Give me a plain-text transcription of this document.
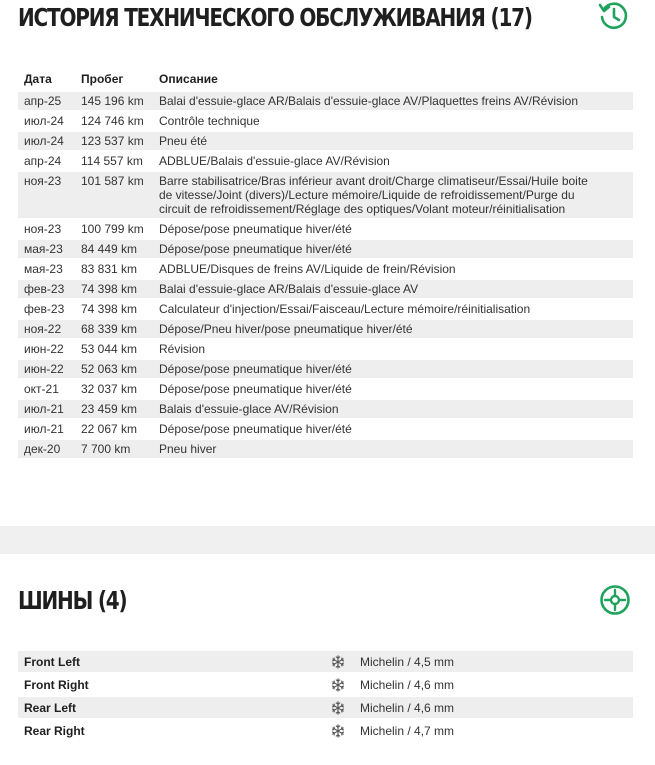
ИСТОРИЯ ТЕХНИЧЕСКОГО ОБСЛУЖИВАНИЯ (17)
Дата	Пробег	Описание
апр-25	145 196 km	Balai d'essuie-glace AR/Balais d'essuie-glace AV/Plaquettes freins AV/Révision

июл-24	124 746 km	Contrôle technique

июл-24	123 537 km	Pneu été

апр-24	114 557 km	ADBLUE/Balais d'essuie-glace AV/Révision

ноя-23	101 587 km	Barre stabilisatrice/Bras inférieur avant droit/Charge climatiseur/Essai/Huile boite
de vitesse/Joint (divers)/Lecture mémoire/Liquide de refroidissement/Purge du
circuit de refroidissement/Réglage des optiques/Volant moteur/réinitialisation

ноя-23	100 799 km	Dépose/pose pneumatique hiver/été

мая-23	84 449 km	Dépose/pose pneumatique hiver/été

мая-23	83 831 km	ADBLUE/Disques de freins AV/Liquide de frein/Révision

фев-23	74 398 km	Balai d'essuie-glace AR/Balais d'essuie-glace AV

фев-23	74 398 km	Calculateur d'injection/Essai/Faisceau/Lecture mémoire/réinitialisation

ноя-22	68 339 km	Dépose/Pneu hiver/pose pneumatique hiver/été

июн-22	53 044 km	Révision

июн-22	52 063 km	Dépose/pose pneumatique hiver/été

окт-21	32 037 km	Dépose/pose pneumatique hiver/été

июл-21	23 459 km	Balais d'essuie-glace AV/Révision

июл-21	22 067 km	Dépose/pose pneumatique hiver/été

дек-20	7 700 km	Pneu hiver
ШИНЫ (4)
Front Left	Michelin / 4,5 mm
Front Right	Michelin / 4,6 mm
Rear Left	Michelin / 4,6 mm
Rear Right	Michelin / 4,7 mm
